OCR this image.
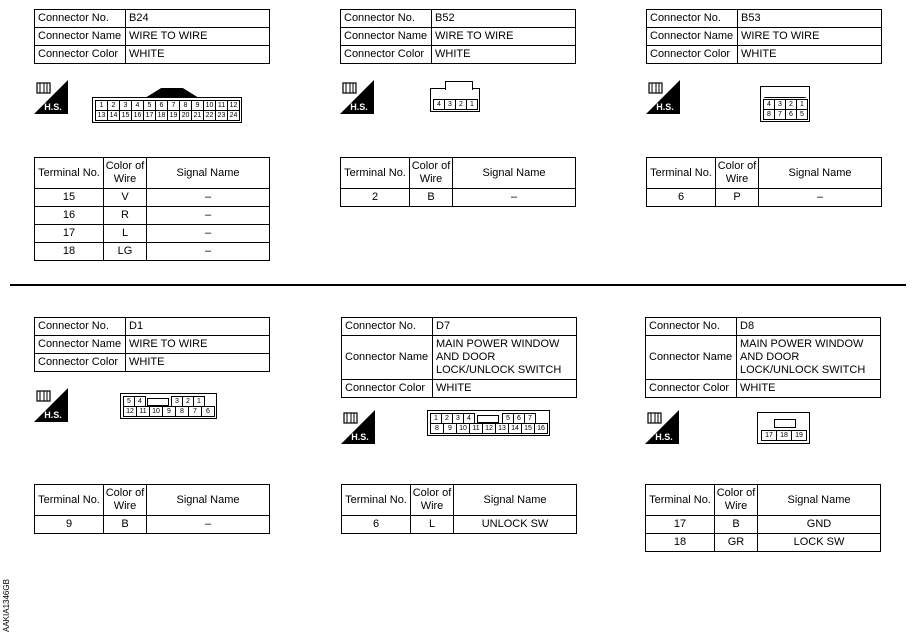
Connector No.	B24
Connector Name	WIRE TO WIRE
Connector Color	WHITE
Connector No.	B52
Connector Name	WIRE TO WIRE
Connector Color	WHITE
Connector No.	B53
Connector Name	WIRE TO WIRE
Connector Color	WHITE
H.S.	H.S.	H.S.
1	2	3	4	5	6	7	8	9 10 11 12
13 14 15 16 17 18 19 20 21 22 23 24
4	3	2	1	4	3	2	1
8	7	6	5
Terminal No.	Color of Wire	Signal Name
15	V	–
16	R	–
17	L	–
18	LG	–
Terminal No.	Color of Wire	Signal Name
2	B	–
Terminal No.	Color of Wire	Signal Name
6	P	–
Connector No.	D1
Connector Name	WIRE TO WIRE
Connector Color	WHITE
Connector No.	D7
Connector Name	MAIN POWER WINDOW AND DOOR LOCK/UNLOCK SWITCH
Connector Color	WHITE
Connector No.	D8
Connector Name	MAIN POWER WINDOW AND DOOR LOCK/UNLOCK SWITCH
Connector Color	WHITE
H.S.
H.S.	H.S.
5	4	3	2	1
12 11 10	9	8	7	6
1	2	3	4	5	6	7
8	9	10 11 12 13 14 15 16
17	18	19
Terminal No.	Color of Wire	Signal Name
9	B	–
Terminal No.	Color of Wire	Signal Name
6	L	UNLOCK SW
Terminal No.	Color of Wire	Signal Name
17	B	GND
18	GR	LOCK SW
AAKIA1346GB
